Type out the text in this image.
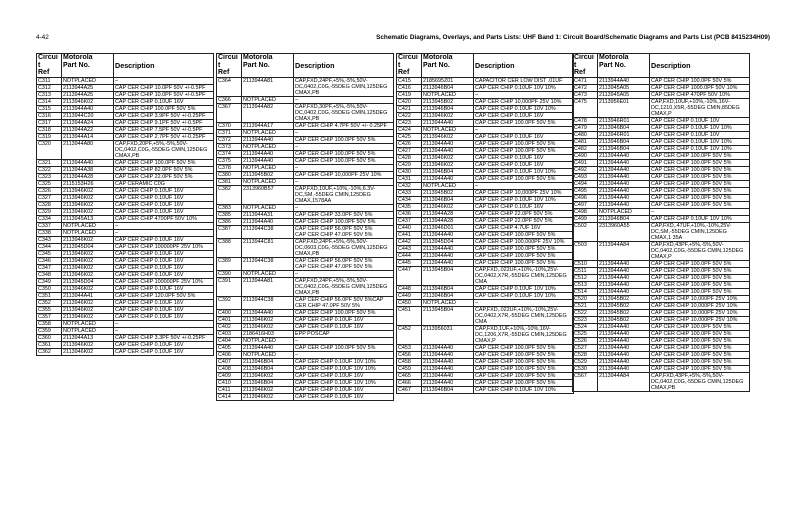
4-42	Schematic Diagrams, Overlays, and Parts Lists: UHF Band 1: Circuit Board/Schematic Diagrams and Parts List (PCB 8415234H09)
Circuit
Ref	Motorola
Part No.	Description
C311	NOTPLACED	–
C312	2113944A25	CAP CER CHIP 10.0PF 50V +/-0.5PF
C313	2113944A25	CAP CER CHIP 10.0PF 50V +/-0.5PF
C314	2113946K02	CAP CER CHIP 0.10UF 16V
C315	2113944A40	CAP CER CHIP 100.0PF 50V 5%
C316	2113944C20	CAP CER CHIP 3.9PF 50V +/-0.25PF
C317	2113944A24	CAP CER CHIP 9.1PF 50V +/-0.5PF
C318	2113944A22	CAP CER CHIP 7.5PF 50V +/-0.5PF
C319	2113944A14	CAP CER CHIP 2.7PF 50V +/-0.25PF
C320	2113944A80	CAP,FXD,20PF,+5%,-5%,50V-DC,0402,C0G,-55DEG CMIN,125DEG CMAX,PB
C321	2113944A40	CAP CER CHIP 100.0PF 50V 5%
C322	2113944A38	CAP CER CHIP 82.0PF 50V 5%
C323	2113944A28	CAP CER CHIP 22.0PF 50V 5%
C325	2115153H26	CAP CERAMIC C0G
C326	2113946K02	CAP CER CHIP 0.10UF 16V
C327	2113946K02	CAP CER CHIP 0.10UF 16V
C328	2113946K02	CAP CER CHIP 0.10UF 16V
C329	2113946K02	CAP CER CHIP 0.10UF 16V
C334	2113945A13	CAP CER CHIP 4700PF 50V 10%
C337	NOTPLACED	–
C338	NOTPLACED	–
C343	2113946K02	CAP CER CHIP 0.10UF 16V
C344	2113945D04	CAP CER CHIP 100000PF 25V 10%
C345	2113946K02	CAP CER CHIP 0.10UF 16V
C346	2113946K02	CAP CER CHIP 0.10UF 16V
C347	2113946K02	CAP CER CHIP 0.10UF 16V
C348	2113946K02	CAP CER CHIP 0.10UF 16V
C349	2113945D04	CAP CER CHIP 100000PF 25V 10%
C350	2113946K02	CAP CER CHIP 0.10UF 16V
C351	2113944A41	CAP CER CHIP 120.0PF 50V 5%
C352	2113946K02	CAP CER CHIP 0.10UF 16V
C355	2113946K02	CAP CER CHIP 0.10UF 16V
C357	2113946K02	CAP CER CHIP 0.10UF 16V
C358	NOTPLACED	–
C359	NOTPLACED	–
C360	2113944A13	CAP CER CHIP 3.3PF 50V +/-0.25PF
C361	2113946K02	CAP CER CHIP 0.10UF 16V
C362	2113946K02	CAP CER CHIP 0.10UF 16V
Circuit
Ref	Motorola
Part No.	Description
C364	2113944A81	CAP,FXD,24PF,+5%,-5%,50V-DC,0402,C0G,-55DEG CMIN,125DEG CMAX,PB
C366	NOTPLACED	–
C367	2113944A82	CAP,FXD,30PF,+5%,-5%,50V-DC,0402,C0G,-55DEG CMIN,125DEG CMAX,PB
C370	2113944A17	CAP CER CHIP 4.7PF 50V +/- 0.25PF
C371	NOTPLACED	–
C372	2113944A40	CAP CER CHIP 100.0PF 50V 5%
C373	NOTPLACED	–
C374	2113944A40	CAP CER CHIP 100.0PF 50V 5%
C375	2113944A40	CAP CER CHIP 100.0PF 50V 5%
C378	NOTPLACED	–
C380	2113945B02	CAP CER CHIP 10,000PF 25V 10%
C381	NOTPLACED	–
C382	2313960B57	CAP,FXD,10UF,+10%,-10%,6.3V-DC,SM,-55DEG CMIN,125DEG CMAX,1578AA
C383	NOTPLACED	–
C385	2113944A31	CAP CER CHIP 33.0PF 50V 5%
C386	2113944A40	CAP CER CHIP 100.0PF 50V 5%
C387	2113944C38	CAP CER CHIP 56.0PF 50V 5%
CAP CER CHIP 47.0PF 50V 5%
C388	2113944C81	CAP,FXD,24PF,+5%,-5%,50V-DC,0603,C0G,-55DEG CMIN,125DEG CMAX,PB
C389	2113944C38	CAP CER CHIP 56.0PF 50V 5%
CAP CER CHIP 47.0PF 50V 5%
C390	NOTPLACED	–
C391	2113944A81	CAP,FXD,24PF,+5%,-5%,50V-DC,0402,C0G,-55DEG CMIN,125DEG CMAX,PB
C392	2113944C38	CAP CER CHIP 56.0PF 50V 5%CAP CER CHIP 47.0PF 50V 5%
C400	2113944A40	CAP CER CHIP 100.0PF 50V 5%
C401	2113946K02	CAP CER CHIP 0.10UF 16V
C402	2113946K02	CAP CER CHIP 0.10UF 16V
C403	2186416H03	EPP POSCAP
C404	NOTPLACED	–
C405	2113944A40	CAP CER CHIP 100.0PF 50V 5%
C406	NOTPLACED	–
C407	2113946B04	CAP CER CHIP 0.10UF 10V 10%
C408	2113946B04	CAP CER CHIP 0.10UF 10V 10%
C409	2113946K02	CAP CER CHIP 0.10UF 16V
C410	2113946B04	CAP CER CHIP 0.10UF 10V 10%
C411	2113946K02	CAP CER CHIP 0.10UF 16V
C414	2113946K02	CAP CER CHIP 0.10UF 16V
Circuit
Ref	Motorola
Part No.	Description
C415	2185695Z01	CAPACITOR CER LOW DIST .01UF
C416	2113946B04	CAP CER CHIP 0.10UF 10V 10%
C419	NOTPLACED	–
C420	2113945B02	CAP CER CHIP 10,000PF 25V 10%
C421	2113946B04	CAP CER CHIP 0.10UF 10V 10%
C422	2113946K02	CAP CER CHIP 0.10UF 16V
C423	2113944A40	CAP CER CHIP 100.0PF 50V 5%
C424	NOTPLACED	–
C425	2113946K02	CAP CER CHIP 0.10UF 16V
C426	2113944A40	CAP CER CHIP 100.0PF 50V 5%
C427	2113944A40	CAP CER CHIP 100.0PF 50V 5%
C428	2113946K02	CAP CER CHIP 0.10UF 16V
C429	2113946K02	CAP CER CHIP 0.10UF 16V
C430	2113946B04	CAP CER CHIP 0.10UF 10V 10%
C431	2113944A40	CAP CER CHIP 100.0PF 50V 5%
C432	NOTPLACED	–
C433	2113945B02	CAP CER CHIP 10,000PF 25V 10%
C434	2113946B04	CAP CER CHIP 0.10UF 10V 10%
C435	2113946K02	CAP CER CHIP 0.10UF 16V
C436	2113944A28	CAP CER CHIP 22.0PF 50V 5%
C437	2113944A28	CAP CER CHIP 22.0PF 50V 5%
C440	2113946D01	CAP CER CHIP 4.7UF 16V
C441	2113944A40	CAP CER CHIP 100.0PF 50V 5%
C442	2113945D04	CAP CER CHIP 100,000PF 25V 10%
C443	2113944A40	CAP CER CHIP 100.0PF 50V 5%
C444	2113944A40	CAP CER CHIP 100.0PF 50V 5%
C445	2113944A40	CAP CER CHIP 100.0PF 50V 5%
C447	2113945B04	CAP,FXD,.022UF,+10%,-10%,25V-DC,0402,X7R,-55DEG CMIN,125DEG CMA
C448	2113946B04	CAP CER CHIP 0.10UF 10V 10%
C449	2113946B04	CAP CER CHIP 0.10UF 10V 10%
C450	NOTPLACED	–
C451	2113945B04	CAP,FXD,.022UF,+10%,-10%,25V-DC,0402,X7R,-55DEG CMIN,125DEG CMA
C452	2113956031	CAP,FXD,1UF,+10%,-10%,16V-DC,1206,X7R,-55DEG CMIN,125DEG CMAX,P
C453	2113944A40	CAP CER CHIP 100.0PF 50V 5%
C456	2113944A40	CAP CER CHIP 100.0PF 50V 5%
C458	2113944A40	CAP CER CHIP 100.0PF 50V 5%
C459	2113944A40	CAP CER CHIP 100.0PF 50V 5%
C465	2113944A40	CAP CER CHIP 100.0PF 50V 5%
C466	2113944A40	CAP CER CHIP 100.0PF 50V 5%
C467	2113946B04	CAP CER CHIP 0.10UF 10V 10%
Circuit
Ref	Motorola
Part No.	Description
C471	2113944A40	CAP CER CHIP 100.0PF 50V 5%
C472	2113945A05	CAP CER CHIP 1000.0PF 50V 10%
C473	2113945A05	CAP CER CHIP 470PF 50V 10%
C475	2113956E01	CAP,FXD,10UF,+10%,-10%,16V-DC,1210,X5R,-55DEG CMIN,85DEG CMAX,P
C478	2113946R01	CAP CER CHIP 0.10UF 10V
C479	2113946B04	CAP CER CHIP 0.10UF 10V 10%
C480	2113946R01	CAP CER CHIP 0.10UF 10V
C481	2113946B04	CAP CER CHIP 0.10UF 10V 10%
C482	2113946B04	CAP CER CHIP 0.10UF 10V 10%
C490	2113944A40	CAP CER CHIP 100.0PF 50V 5%
C491	2113944A40	CAP CER CHIP 100.0PF 50V 5%
C492	2113944A40	CAP CER CHIP 100.0PF 50V 5%
C493	2113944A40	CAP CER CHIP 100.0PF 50V 5%
C494	2113944A40	CAP CER CHIP 100.0PF 50V 5%
C495	2113944A40	CAP CER CHIP 100.0PF 50V 5%
C496	2113944A40	CAP CER CHIP 100.0PF 50V 5%
C497	2113944A40	CAP CER CHIP 100.0PF 50V 5%
C498	NOTPLACED	–
C499	2113946B04	CAP CER CHIP 0.10UF 10V 10%
C502	2313960A55	CAP,FXD,.47UF,+10%,-10%,25V-DC,SM,-55DEG CMIN,125DEG CMAX,1 35A
C503	2113944A84	CAP,FXD,43PF,+5%,-5%,50V-DC,0402,C0G,-55DEG CMIN,125DEG CMAX,P
C510	2113944A40	CAP CER CHIP 100.0PF 50V 5%
C511	2113944A40	CAP CER CHIP 100.0PF 50V 5%
C512	2113944A40	CAP CER CHIP 100.0PF 50V 5%
C513	2113944A40	CAP CER CHIP 100.0PF 50V 5%
C514	2113944A40	CAP CER CHIP 100.0PF 50V 5%
C520	2113945B02	CAP CER CHIP 10,000PF 25V 10%
C521	2113945B02	CAP CER CHIP 10,000PF 25V 10%
C522	2113945B02	CAP CER CHIP 10,000PF 25V 10%
C523	2113945B02	CAP CER CHIP 10,000PF 25V 10%
C524	2113944A40	CAP CER CHIP 100.0PF 50V 5%
C525	2113944A40	CAP CER CHIP 100.0PF 50V 5%
C526	2113944A40	CAP CER CHIP 100.0PF 50V 5%
C527	2113944A40	CAP CER CHIP 100.0PF 50V 5%
C528	2113944A40	CAP CER CHIP 100.0PF 50V 5%
C529	2113944A40	CAP CER CHIP 100.0PF 50V 5%
C530	2113944A40	CAP CER CHIP 100.0PF 50V 5%
C567	2113944A84	CAP,FXD,43PF,+5%,-5%,50V-DC,0402,C0G,-55DEG CMIN,125DEG CMAX,PB
